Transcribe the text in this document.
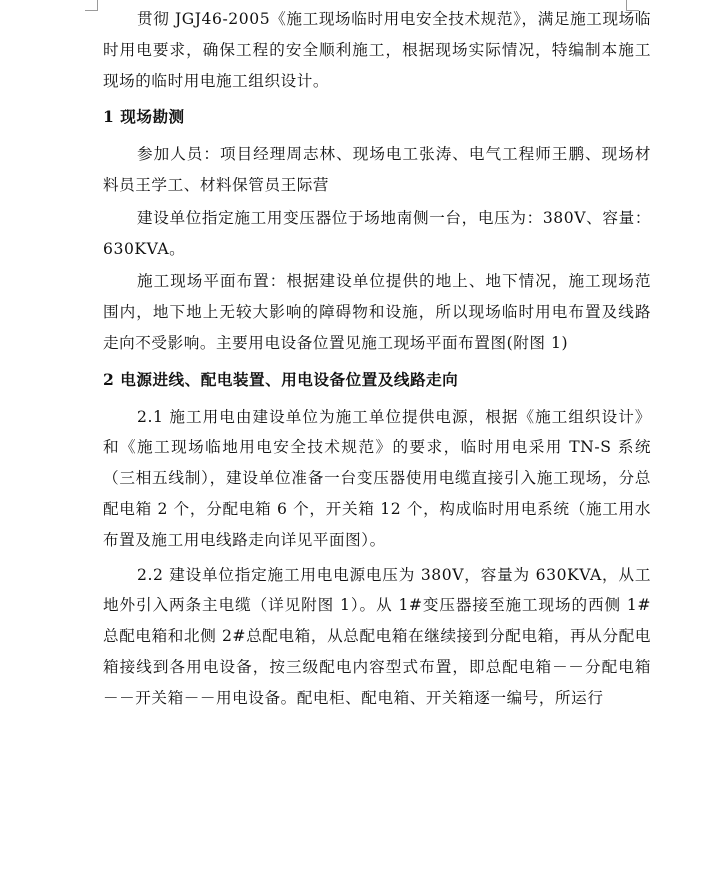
贯彻 JGJ46-2005《施工现场临时用电安全技术规范》，满足施工现场临时用电要求，确保工程的安全顺利施工，根据现场实际情况，特编制本施工现场的临时用电施工组织设计。

1 现场勘测

参加人员：项目经理周志林、现场电工张涛、电气工程师王鹏、现场材料员王学工、材料保管员王际营

建设单位指定施工用变压器位于场地南侧一台，电压为：380V、容量：630KVA。

施工现场平面布置：根据建设单位提供的地上、地下情况，施工现场范围内，地下地上无较大影响的障碍物和设施，所以现场临时用电布置及线路走向不受影响。主要用电设备位置见施工现场平面布置图(附图 1)

2 电源进线、配电装置、用电设备位置及线路走向

2.1 施工用电由建设单位为施工单位提供电源，根据《施工组织设计》和《施工现场临地用电安全技术规范》的要求，临时用电采用 TN-S 系统（三相五线制），建设单位准备一台变压器使用电缆直接引入施工现场，分总配电箱 2 个，分配电箱 6 个，开关箱 12 个，构成临时用电系统（施工用水布置及施工用电线路走向详见平面图）。

2.2 建设单位指定施工用电电源电压为 380V，容量为 630KVA，从工地外引入两条主电缆（详见附图 1）。从 1#变压器接至施工现场的西侧 1#总配电箱和北侧 2#总配电箱，从总配电箱在继续接到分配电箱，再从分配电箱接线到各用电设备，按三级配电内容型式布置，即总配电箱－－分配电箱－－开关箱－－用电设备。配电柜、配电箱、开关箱逐一编号，所运行
